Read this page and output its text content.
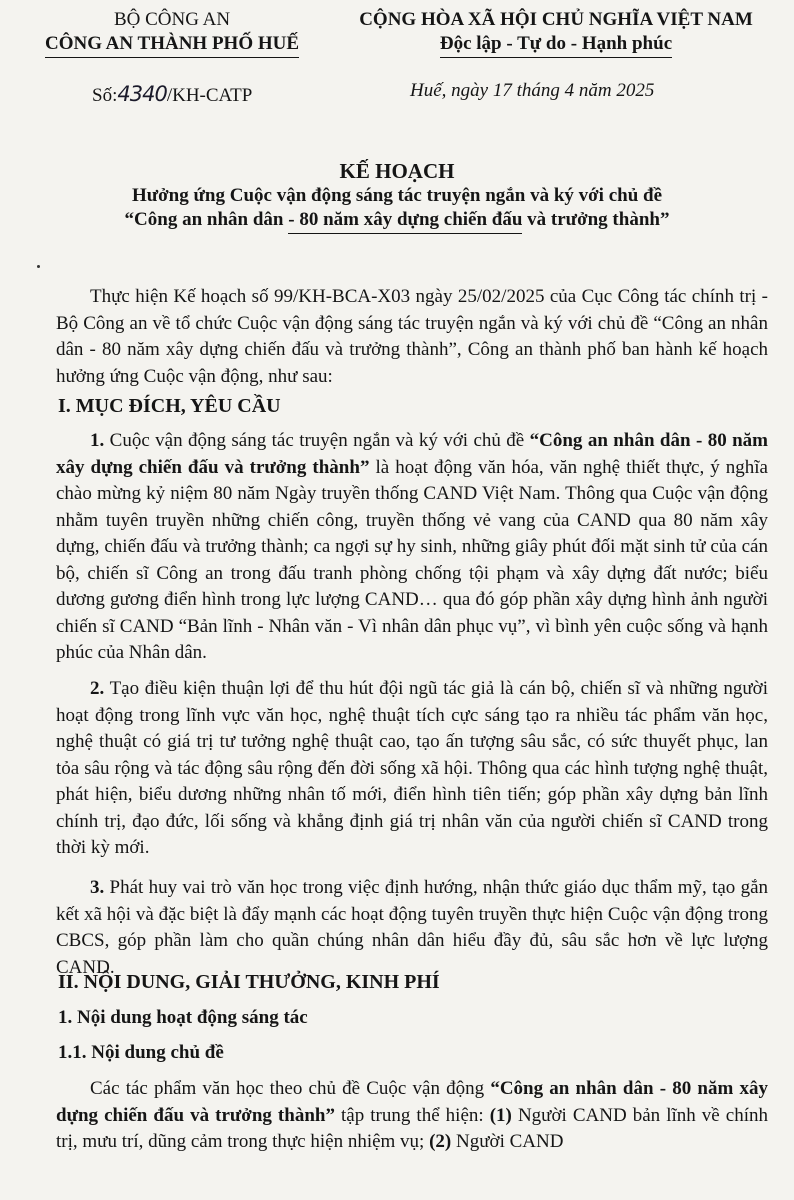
BỘ CÔNG AN
CÔNG AN THÀNH PHỐ HUẾ
Số:4340/KH-CATP
CỘNG HÒA XÃ HỘI CHỦ NGHĨA VIỆT NAM
Độc lập - Tự do - Hạnh phúc
Huế, ngày 17 tháng 4 năm 2025
KẾ HOẠCH
Hưởng ứng Cuộc vận động sáng tác truyện ngắn và ký với chủ đề
“Công an nhân dân - 80 năm xây dựng chiến đấu và trưởng thành”
Thực hiện Kế hoạch số 99/KH-BCA-X03 ngày 25/02/2025 của Cục Công tác chính trị - Bộ Công an về tổ chức Cuộc vận động sáng tác truyện ngắn và ký với chủ đề “Công an nhân dân - 80 năm xây dựng chiến đấu và trưởng thành”, Công an thành phố ban hành kế hoạch hưởng ứng Cuộc vận động, như sau:
I. MỤC ĐÍCH, YÊU CẦU
1. Cuộc vận động sáng tác truyện ngắn và ký với chủ đề “Công an nhân dân - 80 năm xây dựng chiến đấu và trưởng thành” là hoạt động văn hóa, văn nghệ thiết thực, ý nghĩa chào mừng kỷ niệm 80 năm Ngày truyền thống CAND Việt Nam. Thông qua Cuộc vận động nhằm tuyên truyền những chiến công, truyền thống vẻ vang của CAND qua 80 năm xây dựng, chiến đấu và trưởng thành; ca ngợi sự hy sinh, những giây phút đối mặt sinh tử của cán bộ, chiến sĩ Công an trong đấu tranh phòng chống tội phạm và xây dựng đất nước; biểu dương gương điển hình trong lực lượng CAND… qua đó góp phần xây dựng hình ảnh người chiến sĩ CAND “Bản lĩnh - Nhân văn - Vì nhân dân phục vụ”, vì bình yên cuộc sống và hạnh phúc của Nhân dân.
2. Tạo điều kiện thuận lợi để thu hút đội ngũ tác giả là cán bộ, chiến sĩ và những người hoạt động trong lĩnh vực văn học, nghệ thuật tích cực sáng tạo ra nhiều tác phẩm văn học, nghệ thuật có giá trị tư tưởng nghệ thuật cao, tạo ấn tượng sâu sắc, có sức thuyết phục, lan tỏa sâu rộng và tác động sâu rộng đến đời sống xã hội. Thông qua các hình tượng nghệ thuật, phát hiện, biểu dương những nhân tố mới, điển hình tiên tiến; góp phần xây dựng bản lĩnh chính trị, đạo đức, lối sống và khẳng định giá trị nhân văn của người chiến sĩ CAND trong thời kỳ mới.
3. Phát huy vai trò văn học trong việc định hướng, nhận thức giáo dục thẩm mỹ, tạo gắn kết xã hội và đặc biệt là đẩy mạnh các hoạt động tuyên truyền thực hiện Cuộc vận động trong CBCS, góp phần làm cho quần chúng nhân dân hiểu đầy đủ, sâu sắc hơn về lực lượng CAND.
II. NỘI DUNG, GIẢI THƯỞNG, KINH PHÍ
1. Nội dung hoạt động sáng tác
1.1. Nội dung chủ đề
Các tác phẩm văn học theo chủ đề Cuộc vận động “Công an nhân dân - 80 năm xây dựng chiến đấu và trưởng thành” tập trung thể hiện: (1) Người CAND bản lĩnh về chính trị, mưu trí, dũng cảm trong thực hiện nhiệm vụ; (2) Người CAND
